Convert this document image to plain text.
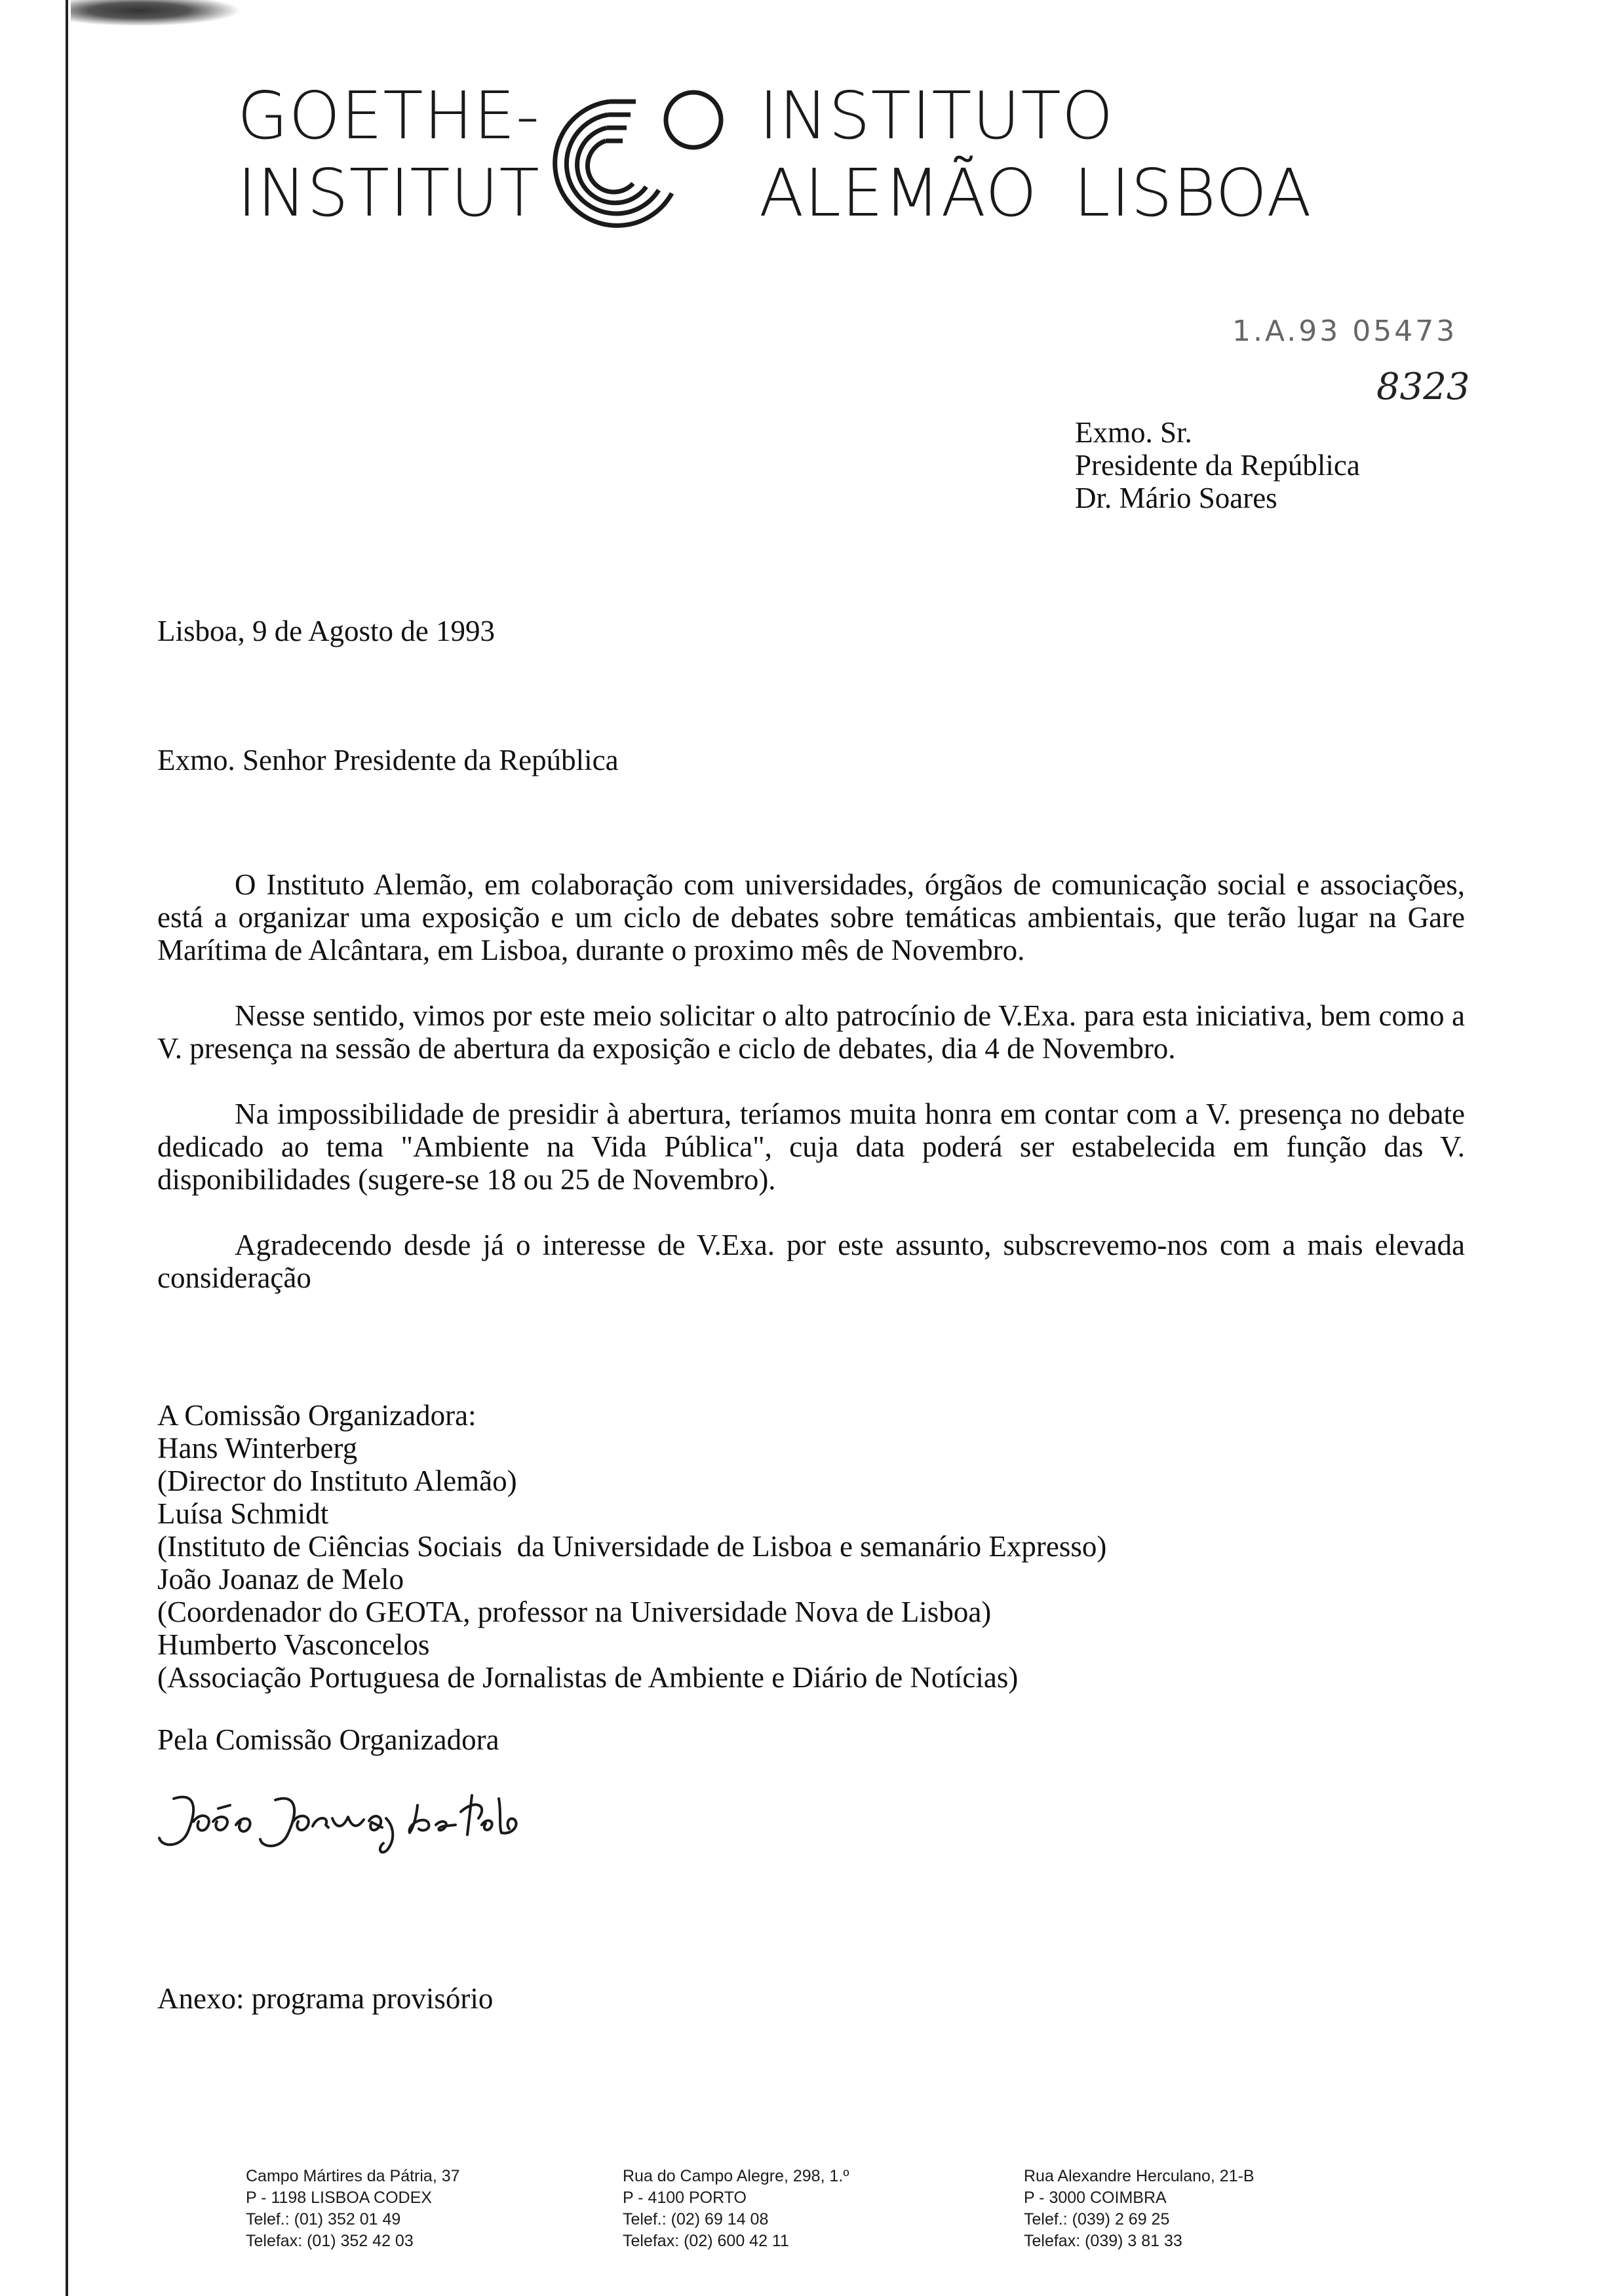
GOETHE-
INSTITUT
INSTITUTO
ALEMÃO LISBOA
1.A.93 05473
8323
Exmo. Sr.
Presidente da República
Dr. Mário Soares
Lisboa, 9 de Agosto de 1993
Exmo. Senhor Presidente da República
O Instituto Alemão, em colaboração com universidades, órgãos de comunicação social e associações, está a organizar uma exposição e um ciclo de debates sobre temáticas ambientais, que terão lugar na Gare Marítima de Alcântara, em Lisboa, durante o proximo mês de Novembro.
Nesse sentido, vimos por este meio solicitar o alto patrocínio de V.Exa. para esta iniciativa, bem como a V. presença na sessão de abertura da exposição e ciclo de debates, dia 4 de Novembro.
Na impossibilidade de presidir à abertura, teríamos muita honra em contar com a V. presença no debate dedicado ao tema "Ambiente na Vida Pública", cuja data poderá ser estabelecida em função das V. disponibilidades (sugere-se 18 ou 25 de Novembro).
Agradecendo desde já o interesse de V.Exa. por este assunto, subscrevemo-nos com a mais elevada consideração
A Comissão Organizadora:
Hans Winterberg
(Director do Instituto Alemão)
Luísa Schmidt
(Instituto de Ciências Sociais  da Universidade de Lisboa e semanário Expresso)
João Joanaz de Melo
(Coordenador do GEOTA, professor na Universidade Nova de Lisboa)
Humberto Vasconcelos
(Associação Portuguesa de Jornalistas de Ambiente e Diário de Notícias)
Pela Comissão Organizadora
Anexo: programa provisório
Campo Mártires da Pátria, 37
P - 1198 LISBOA CODEX
Telef.: (01) 352 01 49
Telefax: (01) 352 42 03
Rua do Campo Alegre, 298, 1.º
P - 4100 PORTO
Telef.: (02) 69 14 08
Telefax: (02) 600 42 11
Rua Alexandre Herculano, 21-B
P - 3000 COIMBRA
Telef.: (039) 2 69 25
Telefax: (039) 3 81 33
